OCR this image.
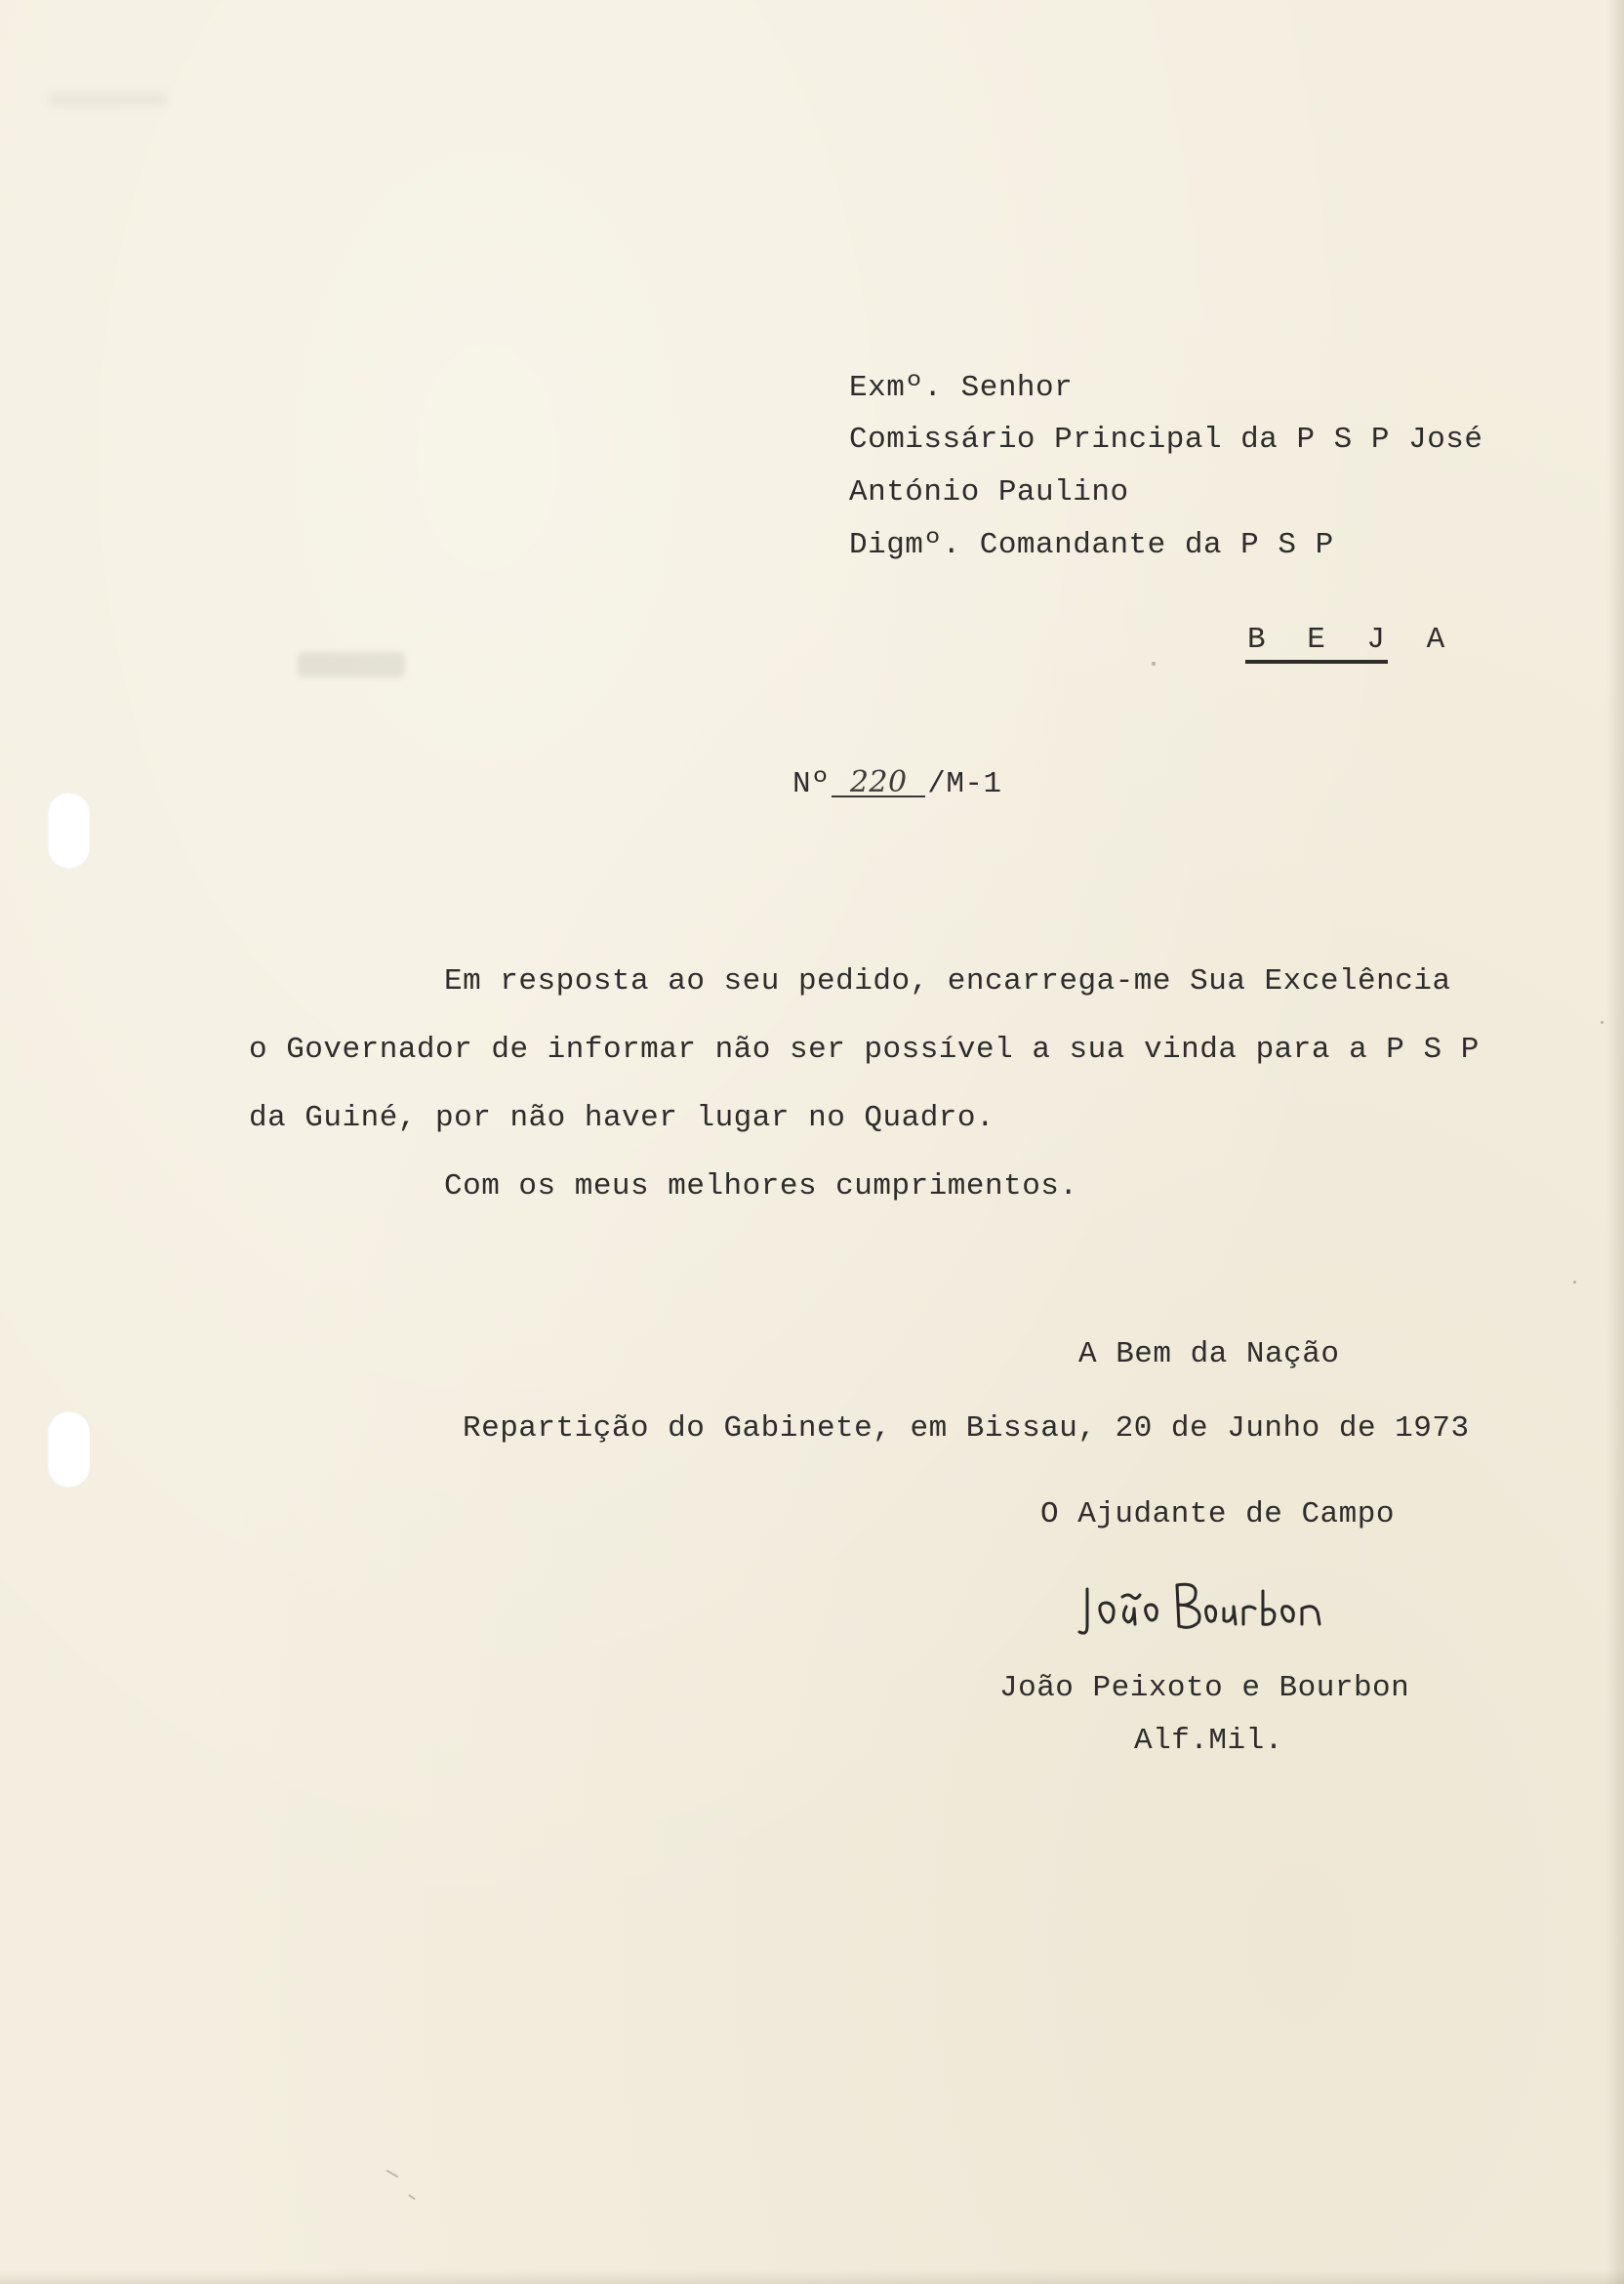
Exmº. Senhor
Comissário Principal da P S P José
António Paulino
Digmº. Comandante da P S P
B E J A
Nº 220 /M-1
Em resposta ao seu pedido, encarrega-me Sua Excelência
o Governador de informar não ser possível a sua vinda para a P S P
da Guiné, por não haver lugar no Quadro.
Com os meus melhores cumprimentos.
A Bem da Nação
Repartição do Gabinete, em Bissau, 20 de Junho de 1973
O Ajudante de Campo
João Peixoto e Bourbon
Alf.Mil.
